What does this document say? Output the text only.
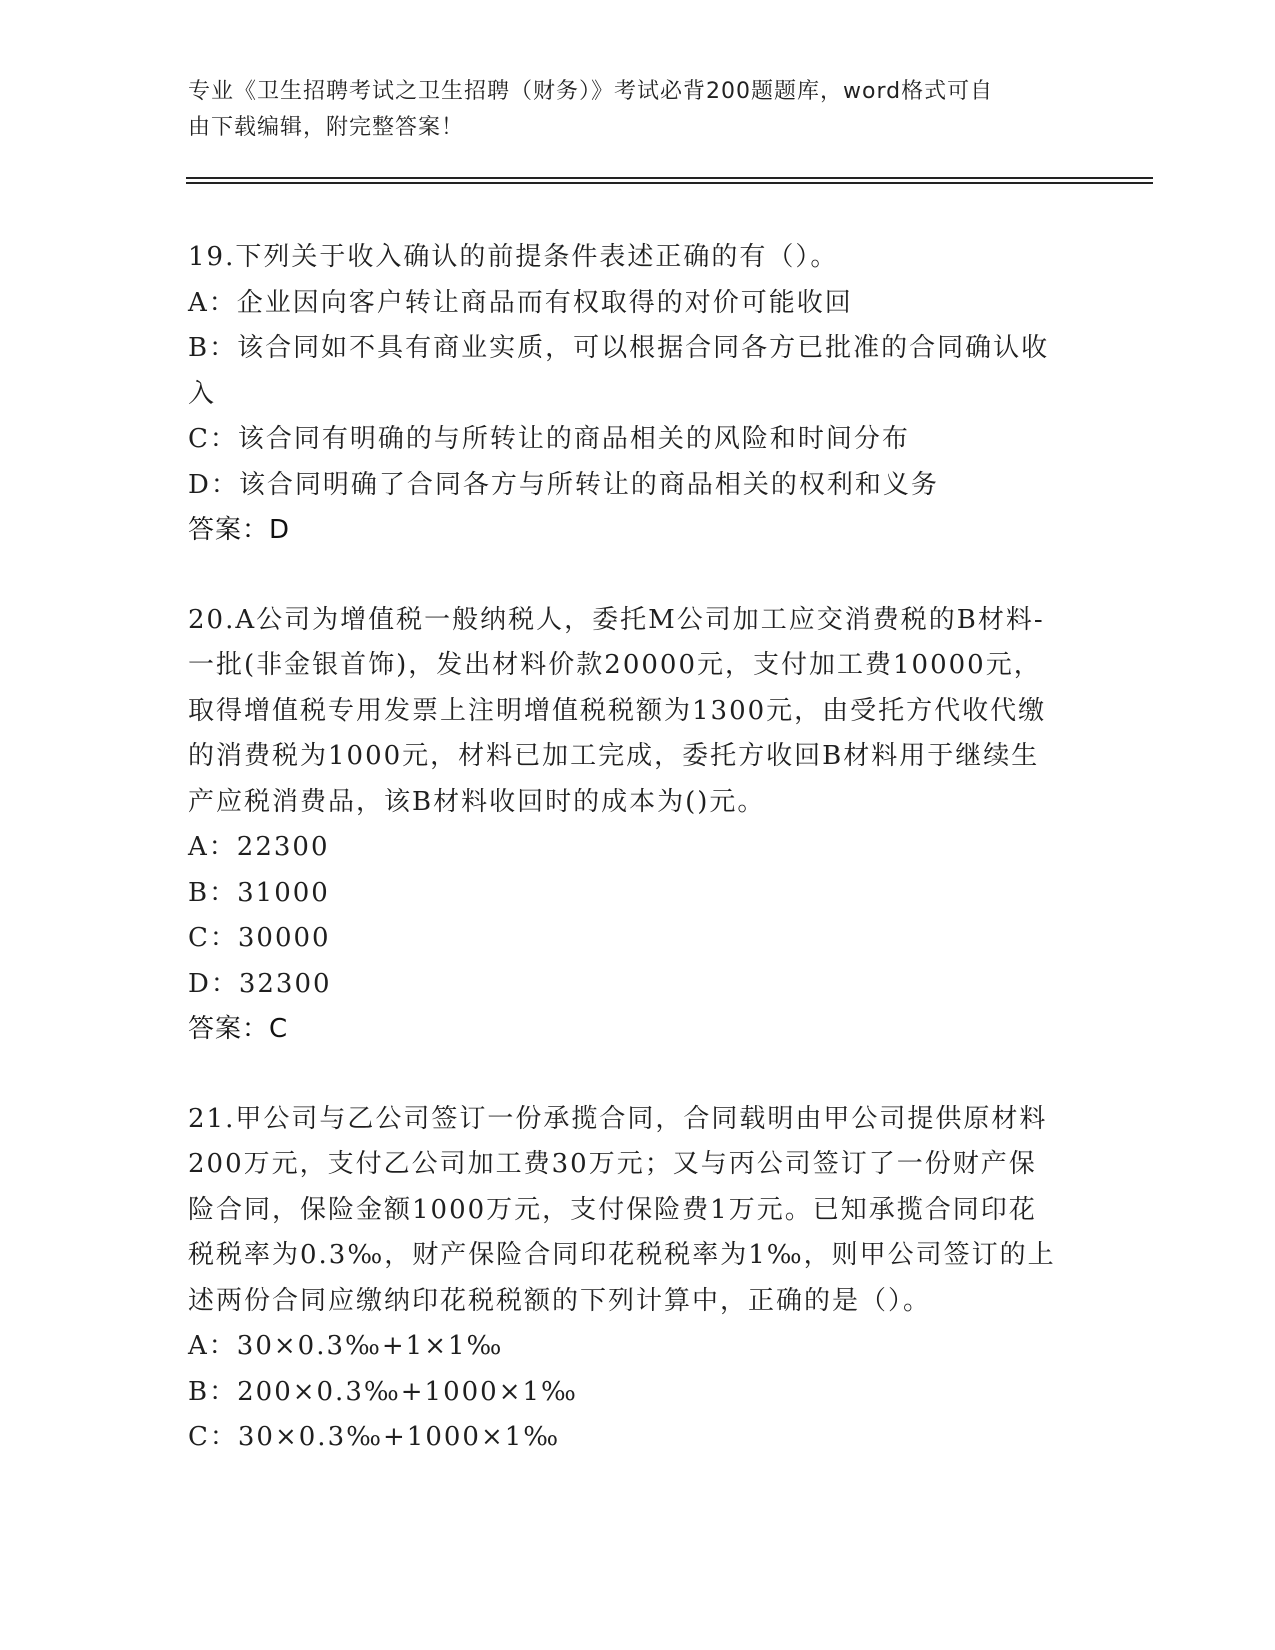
专业《卫生招聘考试之卫生招聘（财务）》考试必背200题题库，word格式可自
由下载编辑，附完整答案！

19.下列关于收入确认的前提条件表述正确的有（）。

A：企业因向客户转让商品而有权取得的对价可能收回

B：该合同如不具有商业实质，可以根据合同各方已批准的合同确认收
入

C：该合同有明确的与所转让的商品相关的风险和时间分布

D：该合同明确了合同各方与所转让的商品相关的权利和义务

答案：D

20.A公司为增值税一般纳税人，委托M公司加工应交消费税的B材料-
一批(非金银首饰)，发出材料价款20000元，支付加工费10000元，
取得增值税专用发票上注明增值税税额为1300元，由受托方代收代缴
的消费税为1000元，材料已加工完成，委托方收回B材料用于继续生
产应税消费品，该B材料收回时的成本为()元。

A：22300

B：31000

C：30000

D：32300

答案：C

21.甲公司与乙公司签订一份承揽合同，合同载明由甲公司提供原材料
200万元，支付乙公司加工费30万元；又与丙公司签订了一份财产保
险合同，保险金额1000万元，支付保险费1万元。已知承揽合同印花
税税率为0.3‰，财产保险合同印花税税率为1‰，则甲公司签订的上
述两份合同应缴纳印花税税额的下列计算中，正确的是（）。

A：30×0.3‰+1×1‰

B：200×0.3‰+1000×1‰

C：30×0.3‰+1000×1‰
